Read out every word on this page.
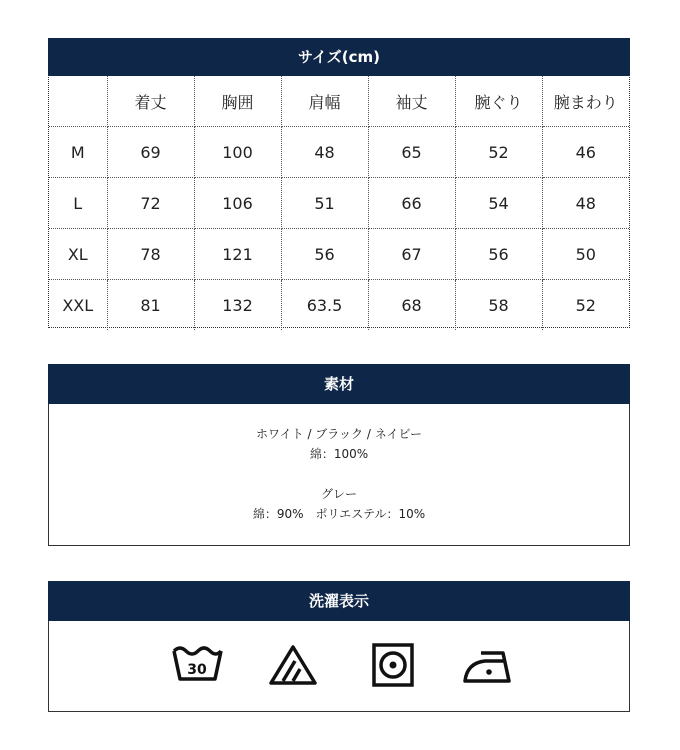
サイズ(cm)
	着丈	胸囲	肩幅	袖丈	腕ぐり	腕まわり
M	69	100	48	65	52	46
L	72	106	51	66	54	48
XL	78	121	56	67	56	50
XXL	81	132	63.5	68	58	52
素材
ホワイト / ブラック / ネイビー
綿：100%
グレー
綿：90%　ポリエステル：10%
洗濯表示
30
